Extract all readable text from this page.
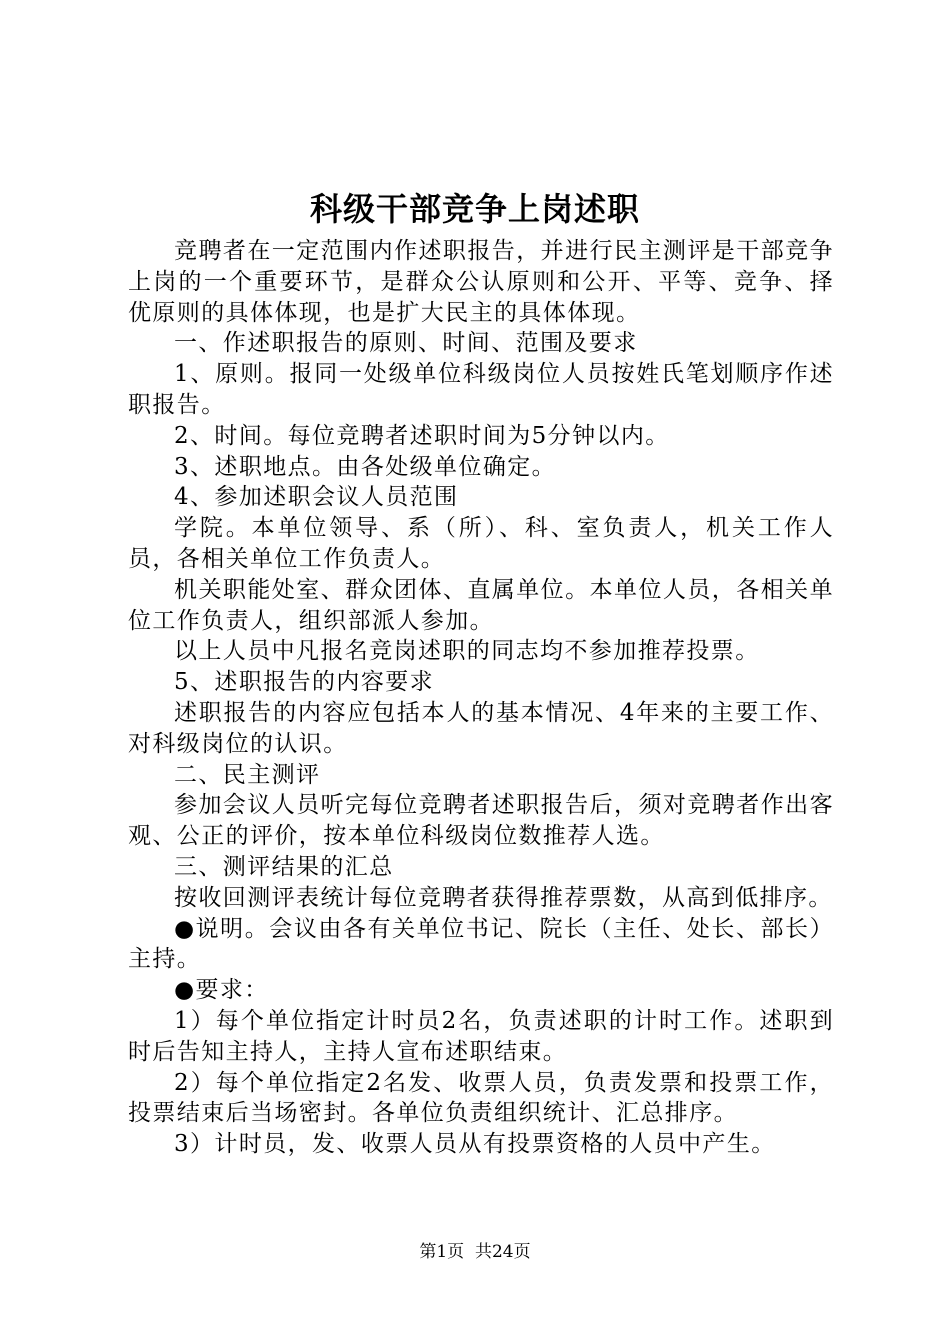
科级干部竞争上岗述职

竞聘者在一定范围内作述职报告，并进行民主测评是干部竞争上岗的一个重要环节，是群众公认原则和公开、平等、竞争、择优原则的具体体现，也是扩大民主的具体体现。

一、作述职报告的原则、时间、范围及要求

1、原则。报同一处级单位科级岗位人员按姓氏笔划顺序作述职报告。

2、时间。每位竞聘者述职时间为5分钟以内。

3、述职地点。由各处级单位确定。

4、参加述职会议人员范围

学院。本单位领导、系（所）、科、室负责人，机关工作人员，各相关单位工作负责人。

机关职能处室、群众团体、直属单位。本单位人员，各相关单位工作负责人，组织部派人参加。

以上人员中凡报名竞岗述职的同志均不参加推荐投票。

5、述职报告的内容要求

述职报告的内容应包括本人的基本情况、4年来的主要工作、对科级岗位的认识。

二、民主测评

参加会议人员听完每位竞聘者述职报告后，须对竞聘者作出客观、公正的评价，按本单位科级岗位数推荐人选。

三、测评结果的汇总

按收回测评表统计每位竞聘者获得推荐票数，从高到低排序。

●说明。会议由各有关单位书记、院长（主任、处长、部长）主持。

●要求：

1）每个单位指定计时员2名，负责述职的计时工作。述职到时后告知主持人，主持人宣布述职结束。

2）每个单位指定2名发、收票人员，负责发票和投票工作，投票结束后当场密封。各单位负责组织统计、汇总排序。

3）计时员，发、收票人员从有投票资格的人员中产生。

第1页  共24页
